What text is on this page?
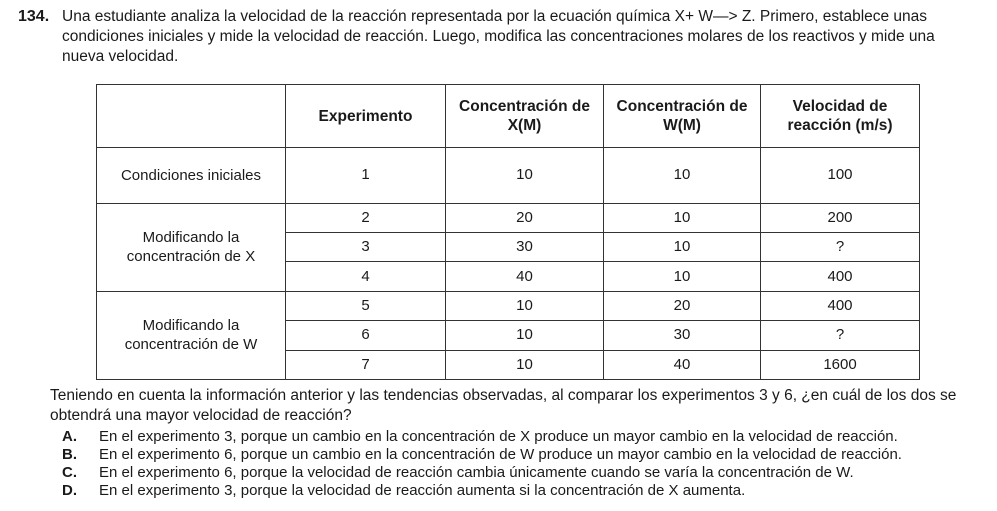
134. Una estudiante analiza la velocidad de la reacción representada por la ecuación química X+ W—> Z. Primero, establece unas condiciones iniciales y mide la velocidad de reacción. Luego, modifica las concentraciones molares de los reactivos y mide una nueva velocidad.
	Experimento	Concentración de X(M)	Concentración de W(M)	Velocidad de reacción (m/s)
Condiciones iniciales	1	10	10	100
Modificando la concentración de X	2	20	10	200
	3	30	10	?
	4	40	10	400
Modificando la concentración de W	5	10	20	400
	6	10	30	?
	7	10	40	1600
Teniendo en cuenta la información anterior y las tendencias observadas, al comparar los experimentos 3 y 6, ¿en cuál de los dos se obtendrá una mayor velocidad de reacción?
A. En el experimento 3, porque un cambio en la concentración de X produce un mayor cambio en la velocidad de reacción.
B. En el experimento 6, porque un cambio en la concentración de W produce un mayor cambio en la velocidad de reacción.
C. En el experimento 6, porque la velocidad de reacción cambia únicamente cuando se varía la concentración de W.
D. En el experimento 3, porque la velocidad de reacción aumenta si la concentración de X aumenta.
